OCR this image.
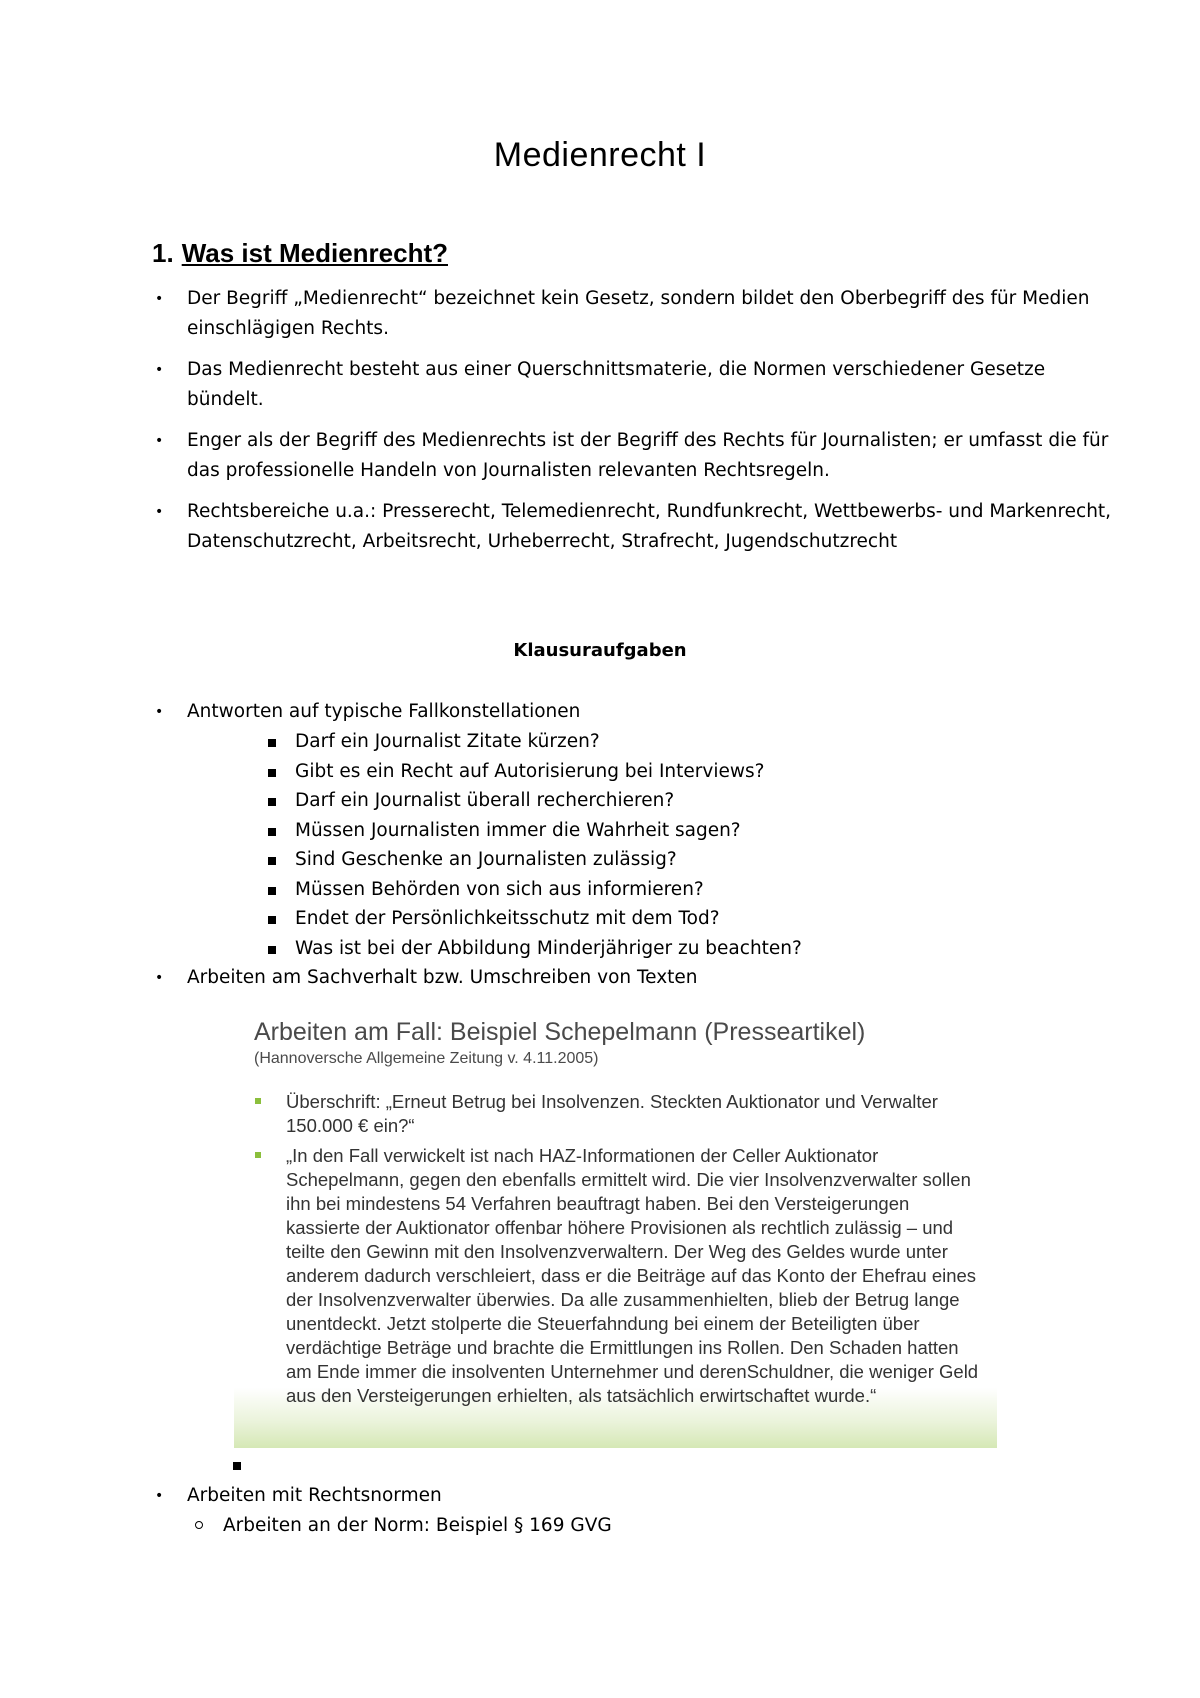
Medienrecht I
1. Was ist Medienrecht?
• Der Begriff „Medienrecht“ bezeichnet kein Gesetz, sondern bildet den Oberbegriff des für Medien einschlägigen Rechts.
• Das Medienrecht besteht aus einer Querschnittsmaterie, die Normen verschiedener Gesetze bündelt.
• Enger als der Begriff des Medienrechts ist der Begriff des Rechts für Journalisten; er umfasst die für das professionelle Handeln von Journalisten relevanten Rechtsregeln.
• Rechtsbereiche u.a.: Presserecht, Telemedienrecht, Rundfunkrecht, Wettbewerbs- und Markenrecht, Datenschutzrecht, Arbeitsrecht, Urheberrecht, Strafrecht, Jugendschutzrecht
Klausuraufgaben
• Antworten auf typische Fallkonstellationen
Darf ein Journalist Zitate kürzen?
Gibt es ein Recht auf Autorisierung bei Interviews?
Darf ein Journalist überall recherchieren?
Müssen Journalisten immer die Wahrheit sagen?
Sind Geschenke an Journalisten zulässig?
Müssen Behörden von sich aus informieren?
Endet der Persönlichkeitsschutz mit dem Tod?
Was ist bei der Abbildung Minderjähriger zu beachten?
• Arbeiten am Sachverhalt bzw. Umschreiben von Texten
Arbeiten am Fall: Beispiel Schepelmann (Presseartikel)
(Hannoversche Allgemeine Zeitung v. 4.11.2005)
Überschrift: „Erneut Betrug bei Insolvenzen. Steckten Auktionator und Verwalter 150.000 € ein?“
„In den Fall verwickelt ist nach HAZ-Informationen der Celler Auktionator Schepelmann, gegen den ebenfalls ermittelt wird. Die vier Insolvenzverwalter sollen ihn bei mindestens 54 Verfahren beauftragt haben. Bei den Versteigerungen kassierte der Auktionator offenbar höhere Provisionen als rechtlich zulässig – und teilte den Gewinn mit den Insolvenzverwaltern. Der Weg des Geldes wurde unter anderem dadurch verschleiert, dass er die Beiträge auf das Konto der Ehefrau eines der Insolvenzverwalter überwies. Da alle zusammenhielten, blieb der Betrug lange unentdeckt. Jetzt stolperte die Steuerfahndung bei einem der Beteiligten über verdächtige Beträge und brachte die Ermittlungen ins Rollen. Den Schaden hatten am Ende immer die insolventen Unternehmer und derenSchuldner, die weniger Geld aus den Versteigerungen erhielten, als tatsächlich erwirtschaftet wurde.“
• Arbeiten mit Rechtsnormen
Arbeiten an der Norm: Beispiel § 169 GVG
